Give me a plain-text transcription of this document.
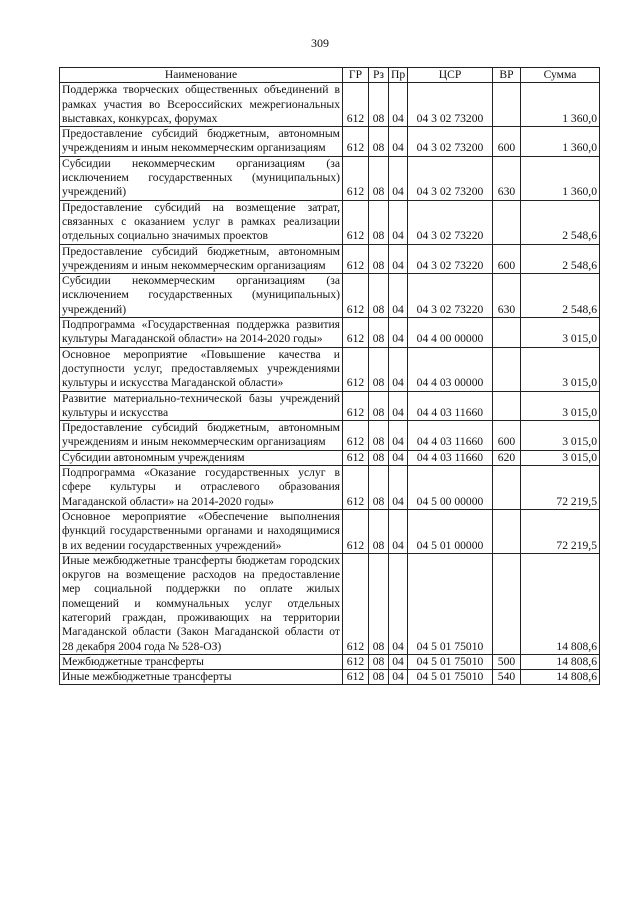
309
Наименование	ГР	Рз	Пр	ЦСР	ВР	Сумма
Поддержка творческих общественных объединений в рамках участия во Всероссийских межрегиональных выставках, конкурсах, форумах	612	08	04	04 3 02 73200		1 360,0
Предоставление субсидий бюджетным, автономным учреждениям и иным некоммерческим организациям	612	08	04	04 3 02 73200	600	1 360,0
Субсидии некоммерческим организациям (за исключением государственных (муниципальных) учреждений)	612	08	04	04 3 02 73200	630	1 360,0
Предоставление субсидий на возмещение затрат, связанных с оказанием услуг в рамках реализации отдельных социально значимых проектов	612	08	04	04 3 02 73220		2 548,6
Предоставление субсидий бюджетным, автономным учреждениям и иным некоммерческим организациям	612	08	04	04 3 02 73220	600	2 548,6
Субсидии некоммерческим организациям (за исключением государственных (муниципальных) учреждений)	612	08	04	04 3 02 73220	630	2 548,6
Подпрограмма «Государственная поддержка развития культуры Магаданской области» на 2014-2020 годы»	612	08	04	04 4 00 00000		3 015,0
Основное мероприятие «Повышение качества и доступности услуг, предоставляемых учреждениями культуры и искусства Магаданской области»	612	08	04	04 4 03 00000		3 015,0
Развитие материально-технической базы учреждений культуры и искусства	612	08	04	04 4 03 11660		3 015,0
Предоставление субсидий бюджетным, автономным учреждениям и иным некоммерческим организациям	612	08	04	04 4 03 11660	600	3 015,0
Субсидии автономным учреждениям	612	08	04	04 4 03 11660	620	3 015,0
Подпрограмма «Оказание государственных услуг в сфере культуры и отраслевого образования Магаданской области» на 2014-2020 годы»	612	08	04	04 5 00 00000		72 219,5
Основное мероприятие «Обеспечение выполнения функций государственными органами и находящимися в их ведении государственных учреждений»	612	08	04	04 5 01 00000		72 219,5
Иные межбюджетные трансферты бюджетам городских округов на возмещение расходов на предоставление мер социальной поддержки по оплате жилых помещений и коммунальных услуг отдельных категорий граждан, проживающих на территории Магаданской области (Закон Магаданской области от 28 декабря 2004 года № 528-ОЗ)	612	08	04	04 5 01 75010		14 808,6
Межбюджетные трансферты	612	08	04	04 5 01 75010	500	14 808,6
Иные межбюджетные трансферты	612	08	04	04 5 01 75010	540	14 808,6
